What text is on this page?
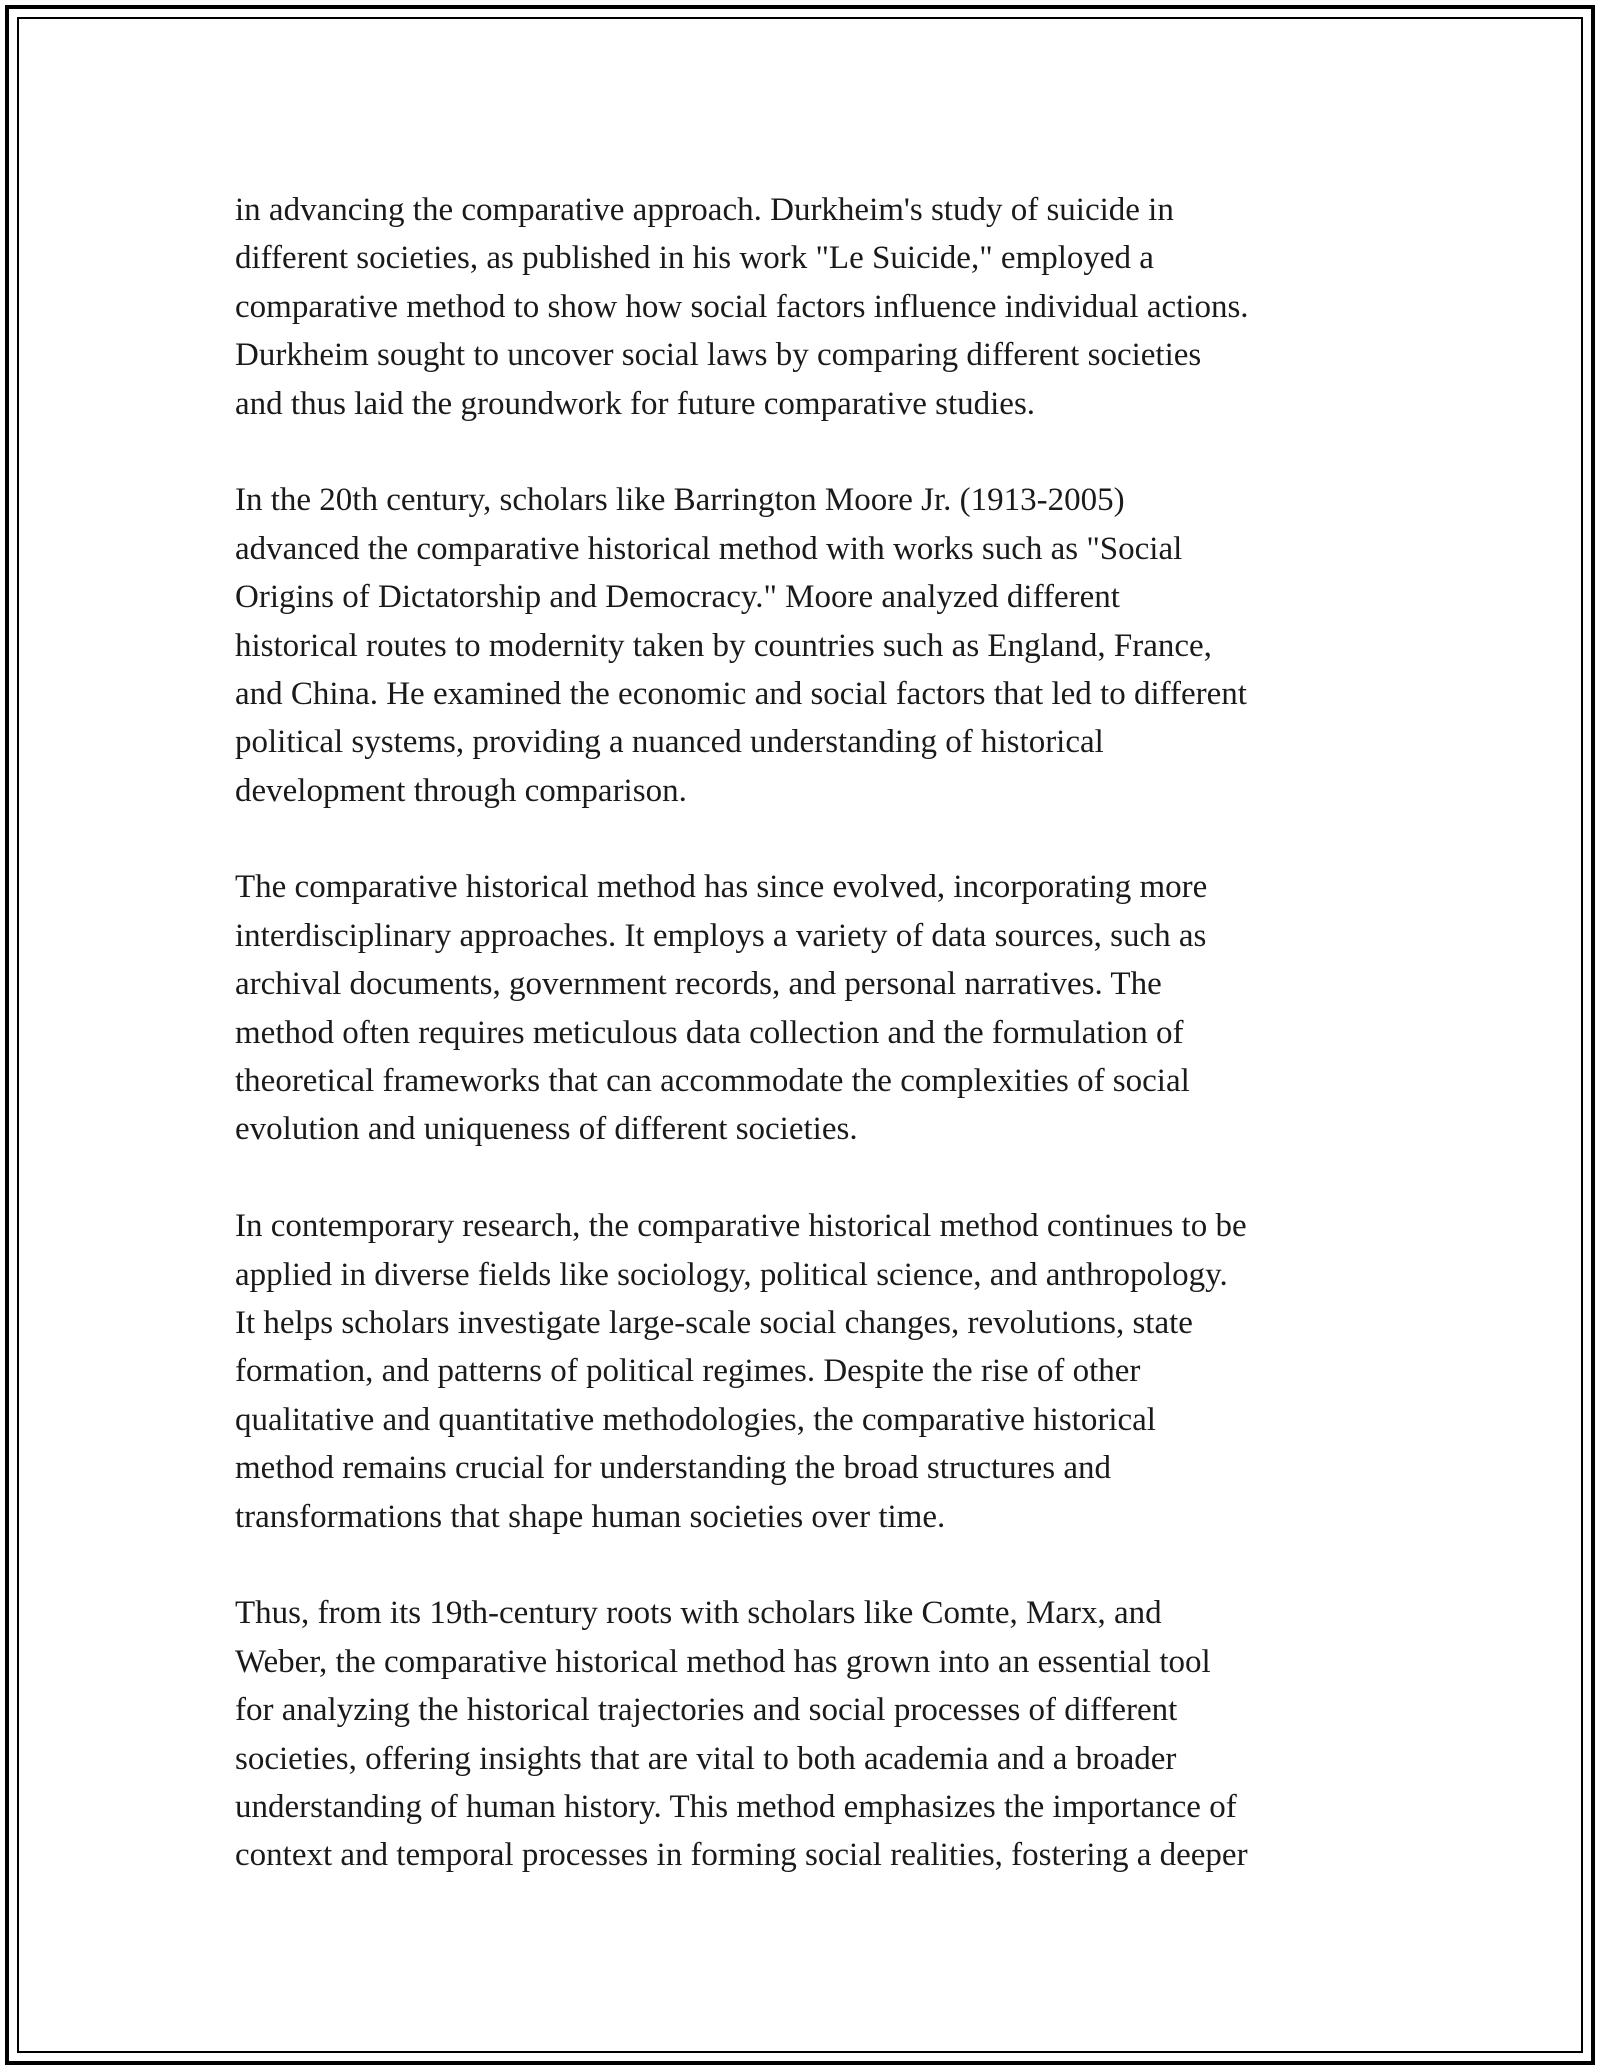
in advancing the comparative approach. Durkheim's study of suicide in
different societies, as published in his work "Le Suicide," employed a
comparative method to show how social factors influence individual actions.
Durkheim sought to uncover social laws by comparing different societies
and thus laid the groundwork for future comparative studies.
In the 20th century, scholars like Barrington Moore Jr. (1913-2005)
advanced the comparative historical method with works such as "Social
Origins of Dictatorship and Democracy." Moore analyzed different
historical routes to modernity taken by countries such as England, France,
and China. He examined the economic and social factors that led to different
political systems, providing a nuanced understanding of historical
development through comparison.
The comparative historical method has since evolved, incorporating more
interdisciplinary approaches. It employs a variety of data sources, such as
archival documents, government records, and personal narratives. The
method often requires meticulous data collection and the formulation of
theoretical frameworks that can accommodate the complexities of social
evolution and uniqueness of different societies.
In contemporary research, the comparative historical method continues to be
applied in diverse fields like sociology, political science, and anthropology.
It helps scholars investigate large-scale social changes, revolutions, state
formation, and patterns of political regimes. Despite the rise of other
qualitative and quantitative methodologies, the comparative historical
method remains crucial for understanding the broad structures and
transformations that shape human societies over time.
Thus, from its 19th-century roots with scholars like Comte, Marx, and
Weber, the comparative historical method has grown into an essential tool
for analyzing the historical trajectories and social processes of different
societies, offering insights that are vital to both academia and a broader
understanding of human history. This method emphasizes the importance of
context and temporal processes in forming social realities, fostering a deeper
